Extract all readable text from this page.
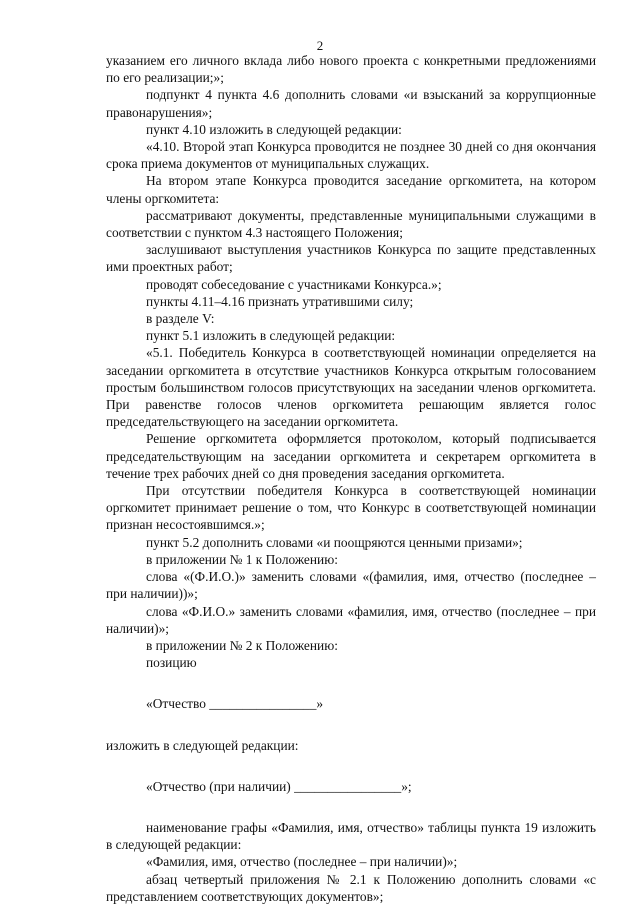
2

указанием его личного вклада либо нового проекта с конкретными предложениями по его реализации;»;

подпункт 4 пункта 4.6 дополнить словами «и взысканий за коррупционные правонарушения»;

пункт 4.10 изложить в следующей редакции:

«4.10. Второй этап Конкурса проводится не позднее 30 дней со дня окончания срока приема документов от муниципальных служащих.

На втором этапе Конкурса проводится заседание оргкомитета, на котором члены оргкомитета:

рассматривают документы, представленные муниципальными служащими в соответствии с пунктом 4.3 настоящего Положения;

заслушивают выступления участников Конкурса по защите представленных ими проектных работ;

проводят собеседование с участниками Конкурса.»;

пункты 4.11–4.16 признать утратившими силу;

в разделе V:

пункт 5.1 изложить в следующей редакции:

«5.1. Победитель Конкурса в соответствующей номинации определяется на заседании оргкомитета в отсутствие участников Конкурса открытым голосованием простым большинством голосов присутствующих на заседании членов оргкомитета. При равенстве голосов членов оргкомитета решающим является голос председательствующего на заседании оргкомитета.

Решение оргкомитета оформляется протоколом, который подписывается председательствующим на заседании оргкомитета и секретарем оргкомитета в течение трех рабочих дней со дня проведения заседания оргкомитета.

При отсутствии победителя Конкурса в соответствующей номинации оргкомитет принимает решение о том, что Конкурс в соответствующей номинации признан несостоявшимся.»;

пункт 5.2 дополнить словами «и поощряются ценными призами»;

в приложении № 1 к Положению:

слова «(Ф.И.О.)» заменить словами «(фамилия, имя, отчество (последнее – при наличии))»;

слова «Ф.И.О.» заменить словами «фамилия, имя, отчество (последнее – при наличии)»;

в приложении № 2 к Положению:

позицию

«Отчество ________________»

изложить в следующей редакции:

«Отчество (при наличии) ________________»;

наименование графы «Фамилия, имя, отчество» таблицы пункта 19 изложить в следующей редакции:

«Фамилия, имя, отчество (последнее – при наличии)»;

абзац четвертый приложения № 2.1 к Положению дополнить словами «с представлением соответствующих документов»;
